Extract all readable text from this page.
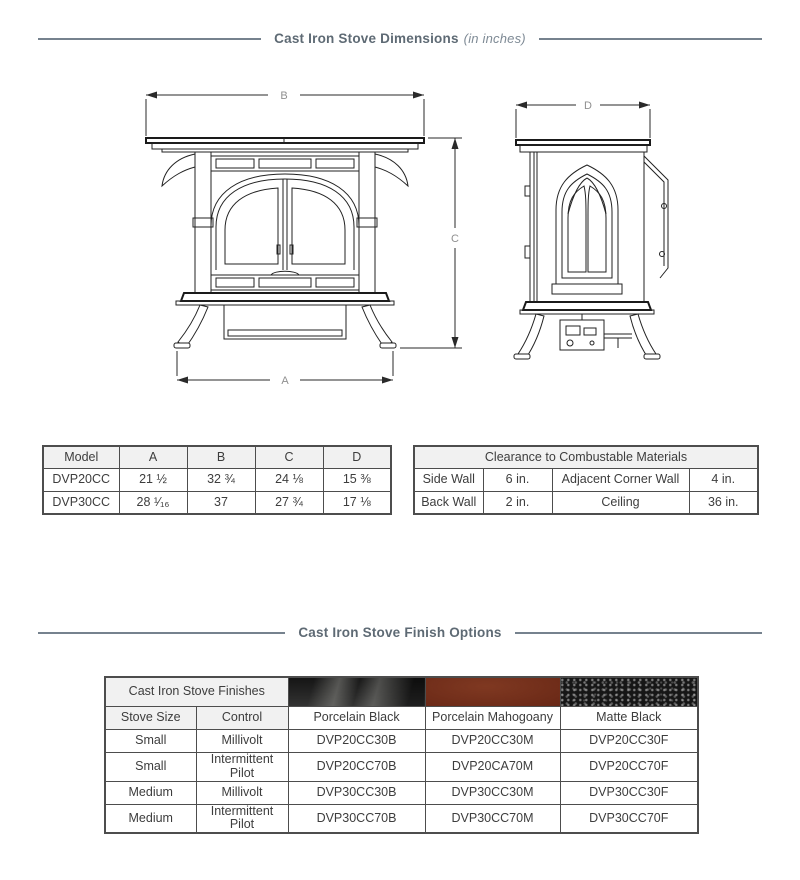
Cast Iron Stove Dimensions (in inches)
B
A
C
D
Model	A	B	C	D
DVP20CC	21 ½	32 ¾	24 ⅛	15 ⅜
DVP30CC	28 ¹⁄₁₆	37	27 ¾	17 ⅛
Clearance to Combustable Materials			
Side Wall	6 in.	Adjacent Corner Wall	4 in.
Back Wall	2 in.	Ceiling	36 in.
Cast Iron Stove Finish Options
Cast Iron Stove Finishes				
Stove Size	Control	Porcelain Black	Porcelain Mahogoany	Matte Black
Small	Millivolt	DVP20CC30B	DVP20CC30M	DVP20CC30F
Small	Intermittent Pilot	DVP20CC70B	DVP20CA70M	DVP20CC70F
Medium	Millivolt	DVP30CC30B	DVP30CC30M	DVP30CC30F
Medium	Intermittent Pilot	DVP30CC70B	DVP30CC70M	DVP30CC70F
